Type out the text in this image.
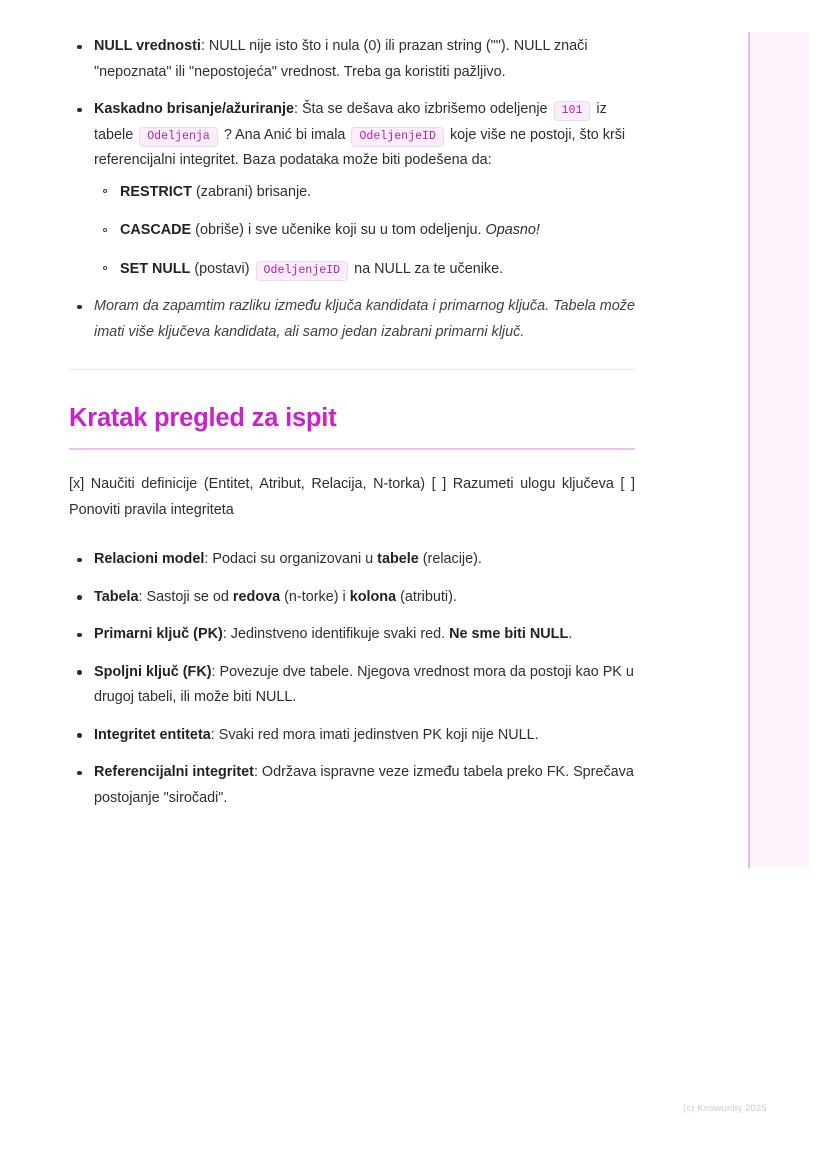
NULL vrednosti: NULL nije isto što i nula (0) ili prazan string (""). NULL znači "nepoznata" ili "nepostojeća" vrednost. Treba ga koristiti pažljivo.
Kaskadno brisanje/ažuriranje: Šta se dešava ako izbrišemo odeljenje 101 iz tabele Odeljenja ? Ana Anić bi imala OdeljenjeID koje više ne postoji, što krši referencijalni integritet. Baza podataka može biti podešena da:
RESTRICT (zabrani) brisanje.
CASCADE (obriše) i sve učenike koji su u tom odeljenju. Opasno!
SET NULL (postavi) OdeljenjeID na NULL za te učenike.
Moram da zapamtim razliku između ključa kandidata i primarnog ključa. Tabela može imati više ključeva kandidata, ali samo jedan izabrani primarni ključ.
Kratak pregled za ispit

[x] Naučiti definicije (Entitet, Atribut, Relacija, N-torka) [ ] Razumeti ulogu ključeva [ ] Ponoviti pravila integriteta

Relacioni model: Podaci su organizovani u tabele (relacije).
Tabela: Sastoji se od redova (n-torke) i kolona (atributi).
Primarni ključ (PK): Jedinstveno identifikuje svaki red. Ne sme biti NULL.
Spoljni ključ (FK): Povezuje dve tabele. Njegova vrednost mora da postoji kao PK u drugoj tabeli, ili može biti NULL.
Integritet entiteta: Svaki red mora imati jedinstven PK koji nije NULL.
Referencijalni integritet: Održava ispravne veze između tabela preko FK. Sprečava postojanje "siročadi".
(c) Knowunity 2025
